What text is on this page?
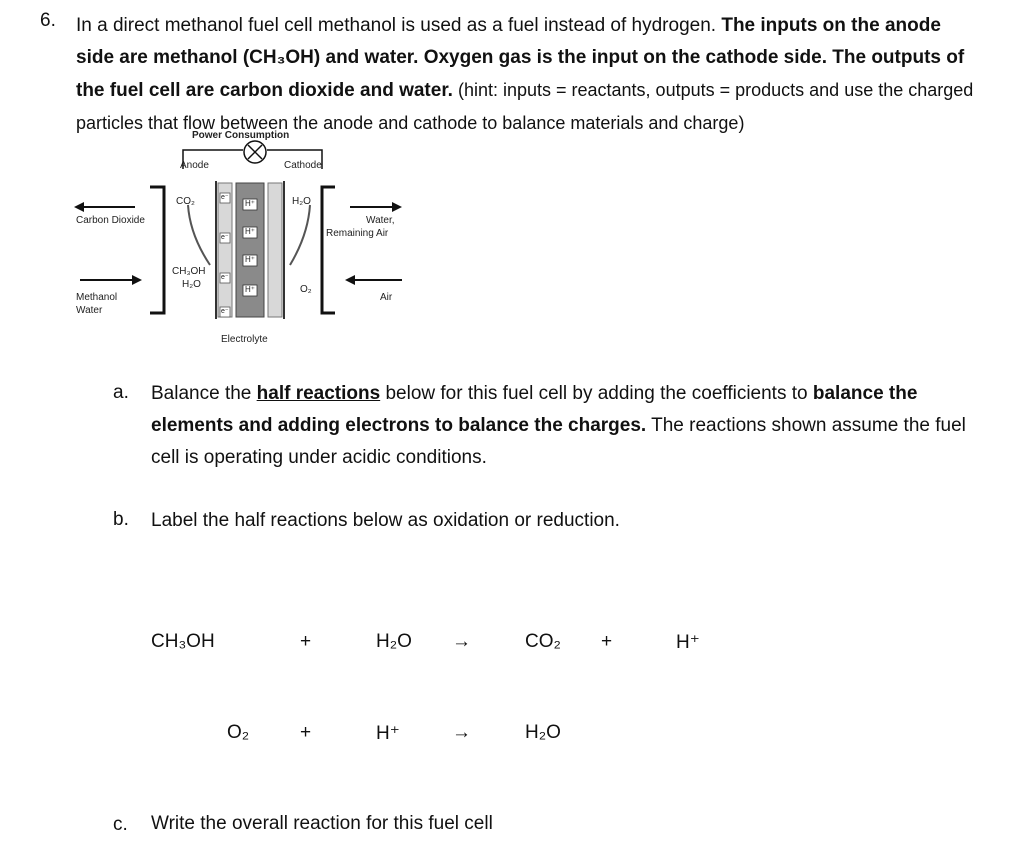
6. In a direct methanol fuel cell methanol is used as a fuel instead of hydrogen. The inputs on the anode side are methanol (CH₃OH) and water. Oxygen gas is the input on the cathode side. The outputs of the fuel cell are carbon dioxide and water. (hint: inputs = reactants, outputs = products and use the charged particles that flow between the anode and cathode to balance materials and charge)
Power Consumption
Anode	Cathode
CO₂	H₂O
Carbon Dioxide	Water,
Remaining Air
CH₃OH
H₂O	O₂
Methanol
Water
Air
Electrolyte
e⁻
e⁻
e⁻
e⁻
H⁺
H⁺
H⁺
H⁺
a. Balance the half reactions below for this fuel cell by adding the coefficients to balance the elements and adding electrons to balance the charges. The reactions shown assume the fuel cell is operating under acidic conditions.
b. Label the half reactions below as oxidation or reduction.
CH₃OH	+	H₂O →	CO₂ +	H⁺
O₂	+	H⁺	→	H₂O
c. Write the overall reaction for this fuel cell
